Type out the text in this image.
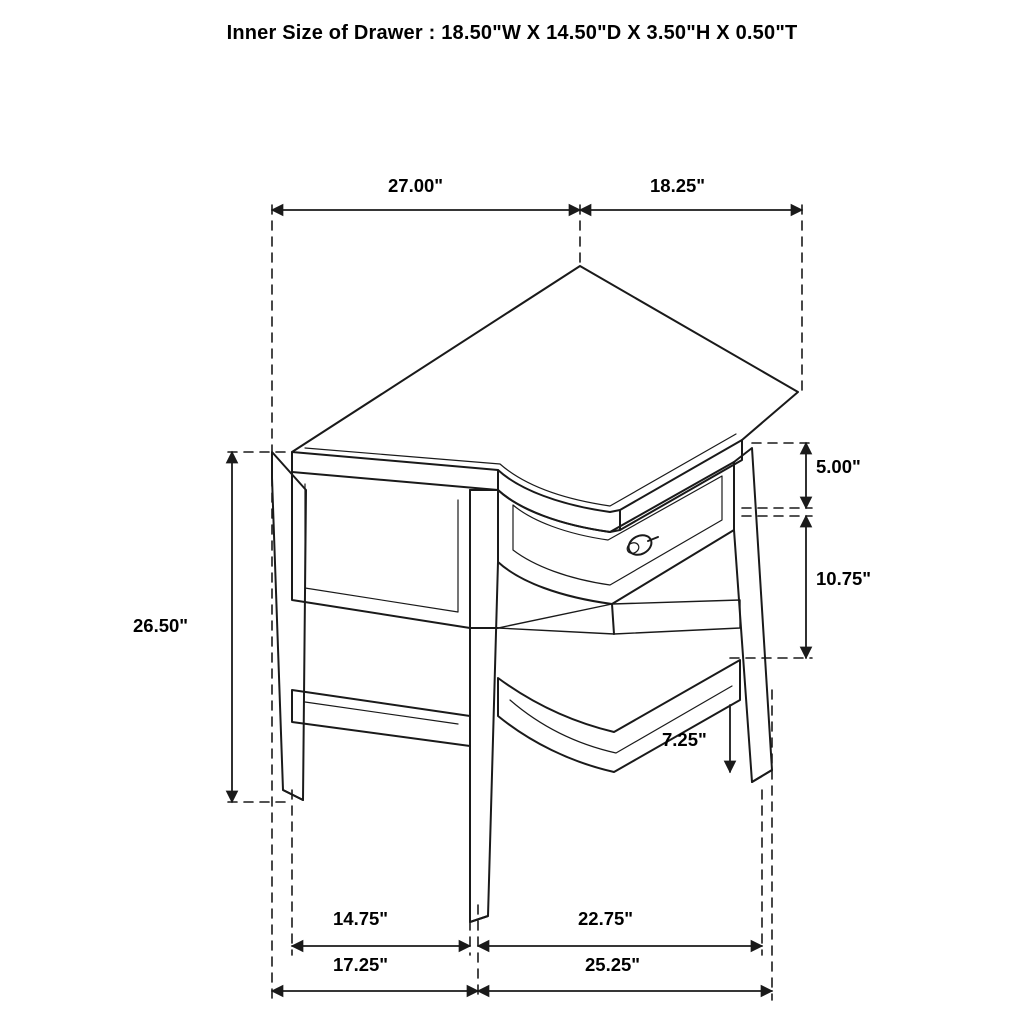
Inner Size of Drawer : 18.50"W X 14.50"D X 3.50"H X 0.50"T
27.00"	18.25"
5.00"
10.75"
7.25"
26.50"
14.75"	22.75"
17.25"	25.25"
